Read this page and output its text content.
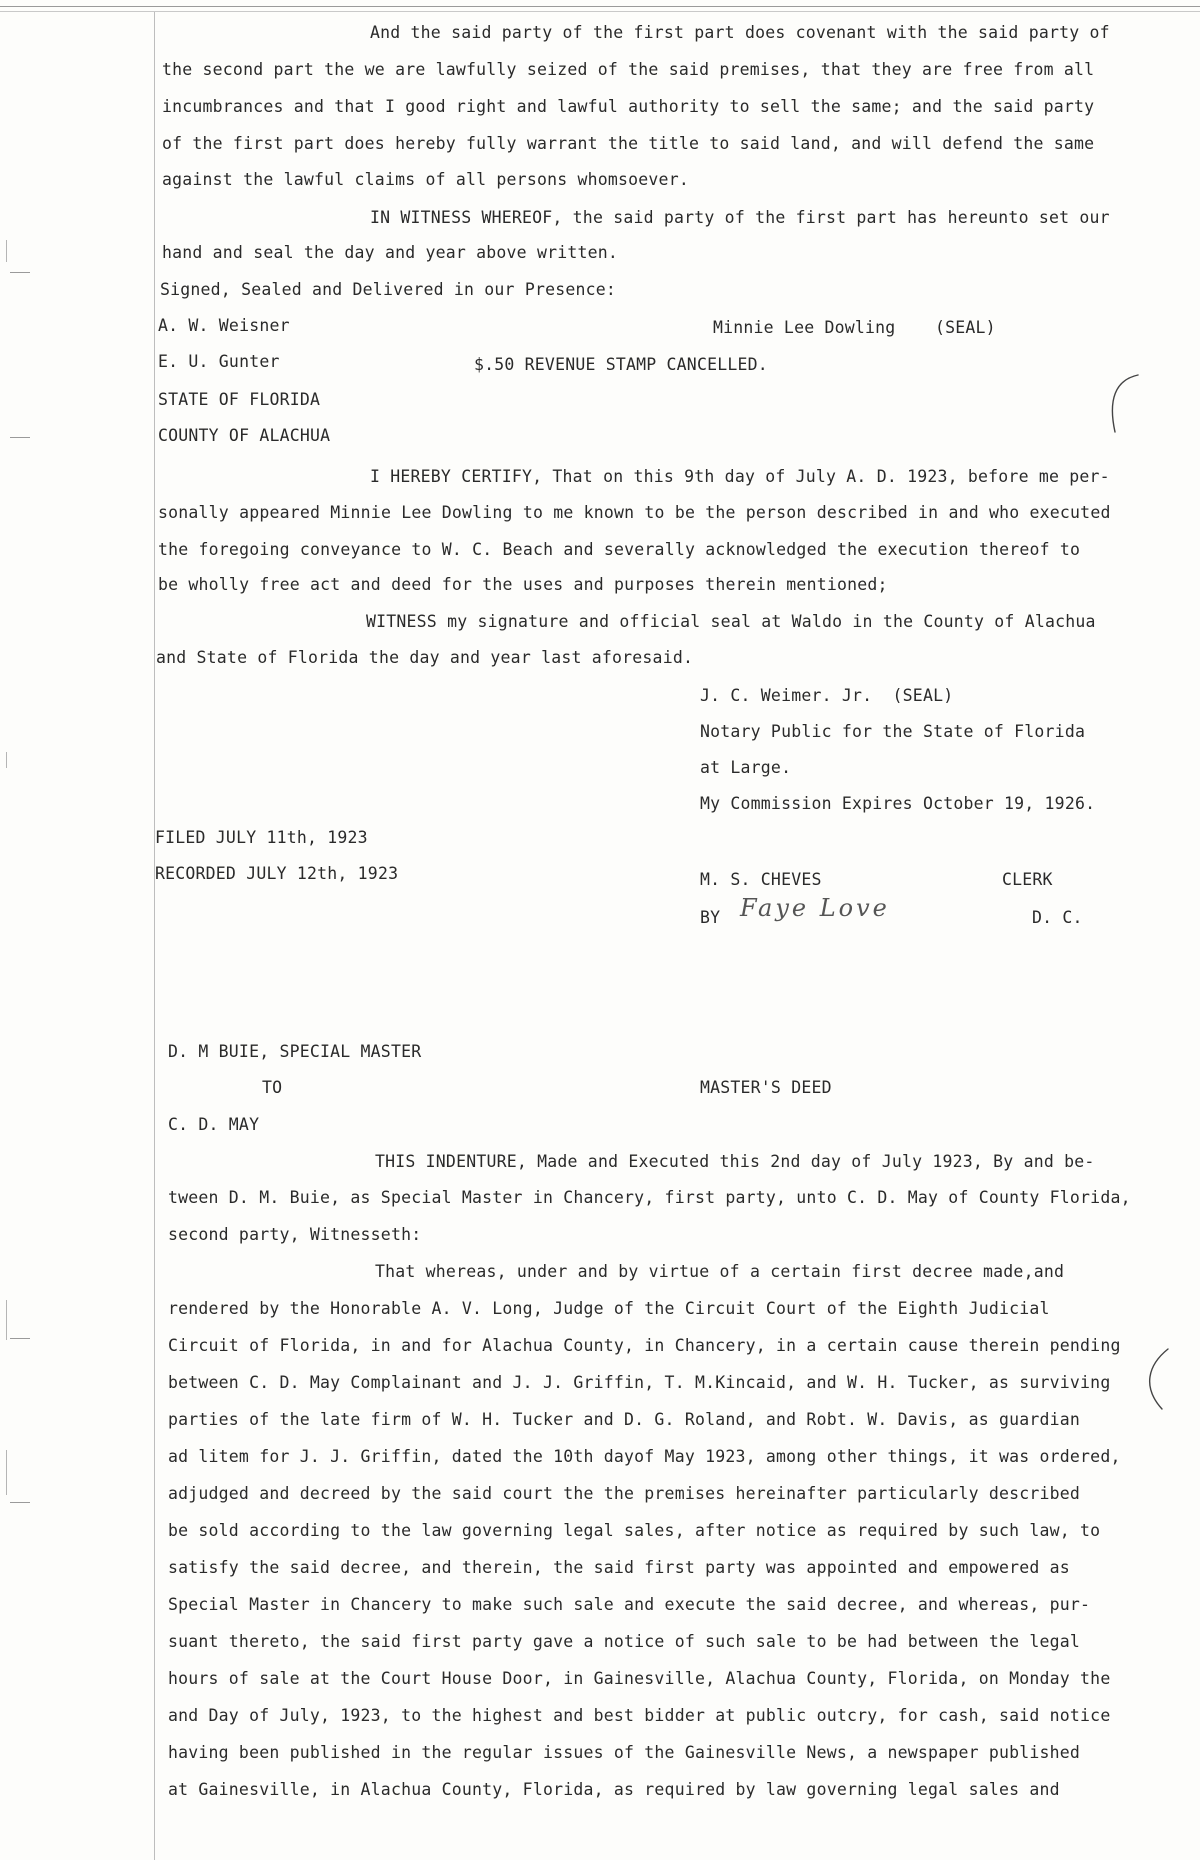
And the said party of the first part does covenant with the said party of
the second part the we are lawfully seized of the said premises, that they are free from all
incumbrances and that I good right and lawful authority to sell the same; and the said party
of the first part does hereby fully warrant the title to said land, and will defend the same
against the lawful claims of all persons whomsoever.
IN WITNESS WHEREOF, the said party of the first part has hereunto set our
hand and seal the day and year above written.
Signed, Sealed and Delivered in our Presence:
A. W. Weisner	Minnie Lee Dowling (SEAL)
E. U. Gunter	$.50 REVENUE STAMP CANCELLED.
STATE OF FLORIDA
COUNTY OF ALACHUA
I HEREBY CERTIFY, That on this 9th day of July A. D. 1923, before me per-
sonally appeared Minnie Lee Dowling to me known to be the person described in and who executed
the foregoing conveyance to W. C. Beach and severally acknowledged the execution thereof to
be wholly free act and deed for the uses and purposes therein mentioned;
WITNESS my signature and official seal at Waldo in the County of Alachua
and State of Florida the day and year last aforesaid.
J. C. Weimer. Jr.  (SEAL)
Notary Public for the State of Florida
at Large.
My Commission Expires October 19, 1926.
FILED JULY 11th, 1923
RECORDED JULY 12th, 1923	M. S. CHEVES	CLERK
BY Faye Love	D. C.
D. M BUIE, SPECIAL MASTER
TO	MASTER'S DEED
C. D. MAY
THIS INDENTURE, Made and Executed this 2nd day of July 1923, By and be-
tween D. M. Buie, as Special Master in Chancery, first party, unto C. D. May of County Florida,
second party, Witnesseth:
That whereas, under and by virtue of a certain first decree made,and
rendered by the Honorable A. V. Long, Judge of the Circuit Court of the Eighth Judicial
Circuit of Florida, in and for Alachua County, in Chancery, in a certain cause therein pending
between C. D. May Complainant and J. J. Griffin, T. M.Kincaid, and W. H. Tucker, as surviving
parties of the late firm of W. H. Tucker and D. G. Roland, and Robt. W. Davis, as guardian
ad litem for J. J. Griffin, dated the 10th dayof May 1923, among other things, it was ordered,
adjudged and decreed by the said court the the premises hereinafter particularly described
be sold according to the law governing legal sales, after notice as required by such law, to
satisfy the said decree, and therein, the said first party was appointed and empowered as
Special Master in Chancery to make such sale and execute the said decree, and whereas, pur-
suant thereto, the said first party gave a notice of such sale to be had between the legal
hours of sale at the Court House Door, in Gainesville, Alachua County, Florida, on Monday the
and Day of July, 1923, to the highest and best bidder at public outcry, for cash, said notice
having been published in the regular issues of the Gainesville News, a newspaper published
at Gainesville, in Alachua County, Florida, as required by law governing legal sales and
